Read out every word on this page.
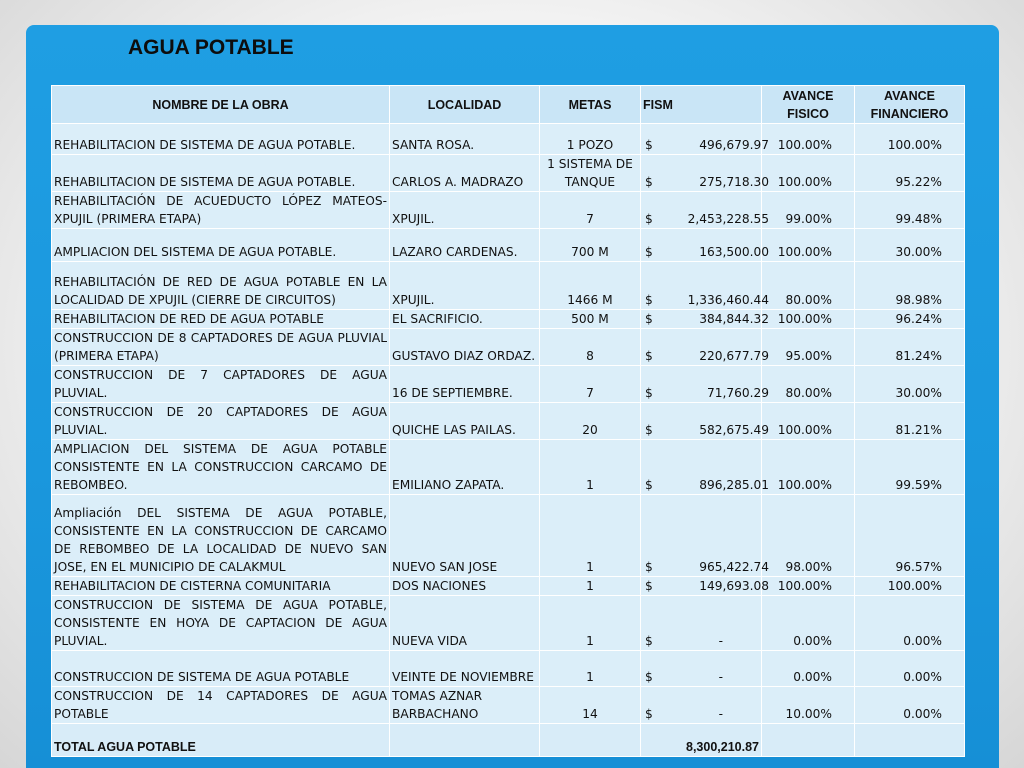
AGUA POTABLE
NOMBRE DE LA OBRA	LOCALIDAD	METAS	FISM	AVANCE FISICO	AVANCE FINANCIERO
REHABILITACION DE SISTEMA DE AGUA POTABLE.	SANTA ROSA.	1 POZO	$ 496,679.97	100.00%	100.00%
REHABILITACION DE SISTEMA DE AGUA POTABLE.	CARLOS A. MADRAZO	1 SISTEMA DE TANQUE	$ 275,718.30	100.00%	95.22%
REHABILITACIÓN DE ACUEDUCTO LÓPEZ MATEOS-XPUJIL (PRIMERA ETAPA)	XPUJIL.	7	$ 2,453,228.55	99.00%	99.48%
AMPLIACION DEL SISTEMA DE AGUA POTABLE.	LAZARO CARDENAS.	700 M	$ 163,500.00	100.00%	30.00%
REHABILITACIÓN DE RED DE AGUA POTABLE EN LA LOCALIDAD DE XPUJIL (CIERRE DE CIRCUITOS)	XPUJIL.	1466 M	$ 1,336,460.44	80.00%	98.98%
REHABILITACION DE RED DE AGUA POTABLE	EL SACRIFICIO.	500 M	$ 384,844.32	100.00%	96.24%
CONSTRUCCION DE 8 CAPTADORES DE AGUA PLUVIAL (PRIMERA ETAPA)	GUSTAVO DIAZ ORDAZ.	8	$ 220,677.79	95.00%	81.24%
CONSTRUCCION DE 7 CAPTADORES DE AGUA PLUVIAL.	16 DE SEPTIEMBRE.	7	$ 71,760.29	80.00%	30.00%
CONSTRUCCION DE 20 CAPTADORES DE AGUA PLUVIAL.	QUICHE LAS PAILAS.	20	$ 582,675.49	100.00%	81.21%
AMPLIACION DEL SISTEMA DE AGUA POTABLE CONSISTENTE EN LA CONSTRUCCION CARCAMO DE REBOMBEO.	EMILIANO ZAPATA.	1	$ 896,285.01	100.00%	99.59%
Ampliación DEL SISTEMA DE AGUA POTABLE, CONSISTENTE EN LA CONSTRUCCION DE CARCAMO DE REBOMBEO DE LA LOCALIDAD DE NUEVO SAN JOSE, EN EL MUNICIPIO DE CALAKMUL	NUEVO SAN JOSE	1	$ 965,422.74	98.00%	96.57%
REHABILITACION DE CISTERNA COMUNITARIA	DOS NACIONES	1	$ 149,693.08	100.00%	100.00%
CONSTRUCCION DE SISTEMA DE AGUA POTABLE, CONSISTENTE EN HOYA DE CAPTACION DE AGUA PLUVIAL.	NUEVA VIDA	1	$ -	0.00%	0.00%
CONSTRUCCION DE SISTEMA DE AGUA POTABLE	VEINTE DE NOVIEMBRE	1	$ -	0.00%	0.00%
CONSTRUCCION DE 14 CAPTADORES DE AGUA POTABLE	TOMAS AZNAR BARBACHANO	14	$ -	10.00%	0.00%
TOTAL AGUA POTABLE			8,300,210.87		
